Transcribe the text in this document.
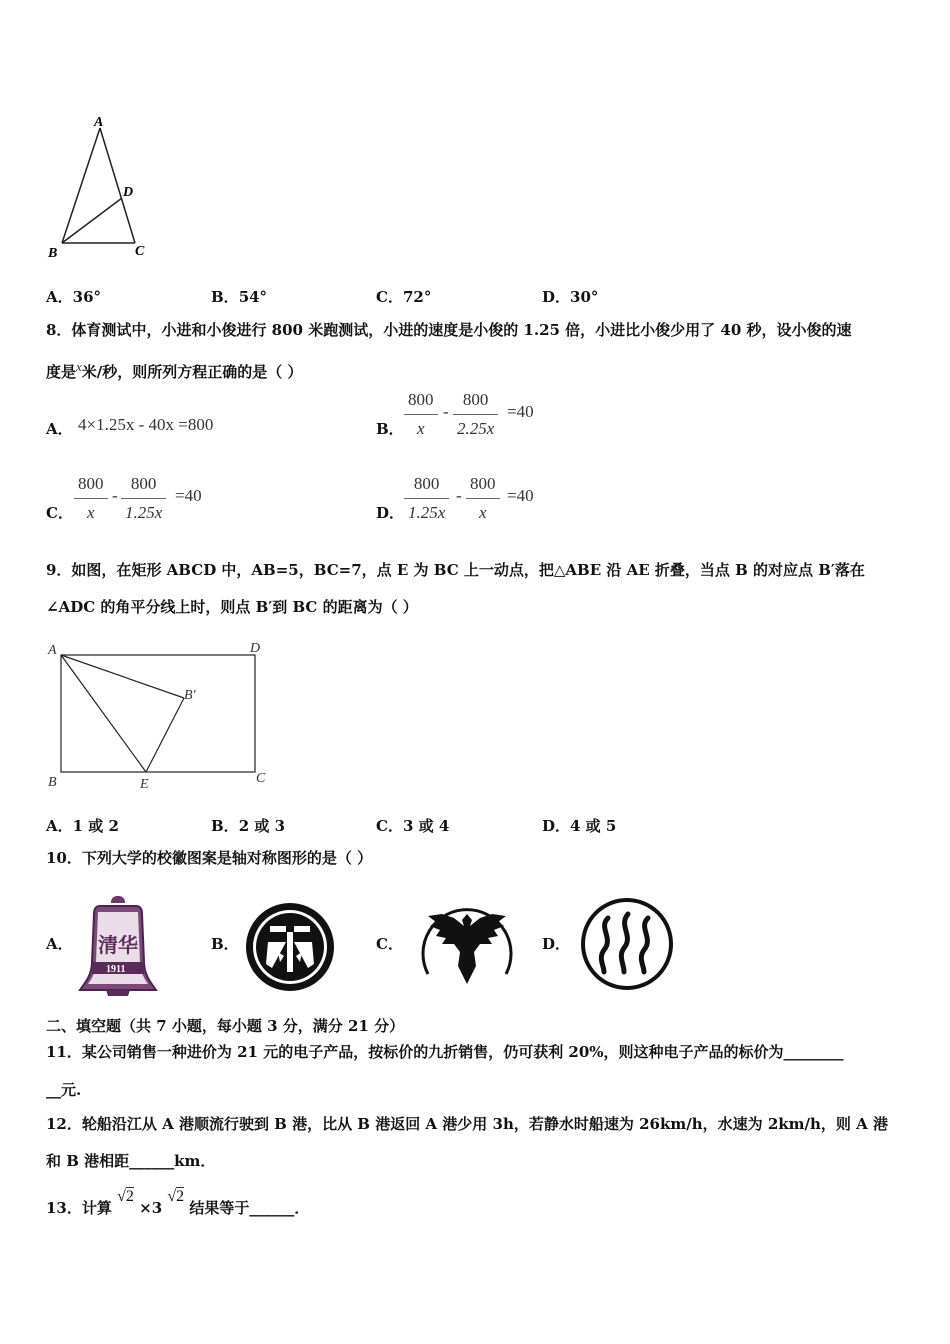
A
D
B	C
A．36°	B．54°	C．72°	D．30°
8．体育测试中，小进和小俊进行 800 米跑测试，小进的速度是小俊的 1.25 倍，小进比小俊少用了 40 秒，设小俊的速
度是$^x$米/秒，则所列方程正确的是（ ）
A． 4×1.25x - 40x =800	B．
800
x
-
800
2.25x
=40
C．
800
x
-
800
1.25x
=40
D．
800
1.25x
-
800
x
=40
9．如图，在矩形 ABCD 中，AB=5，BC=7，点 E 为 BC 上一动点，把△ABE 沿 AE 折叠，当点 B 的对应点 B′落在
∠ADC 的角平分线上时，则点 B′到 BC 的距离为（ ）
A	D
B′
B	E	C
A．1 或 2	B．2 或 3	C．3 或 4	D．4 或 5
10．下列大学的校徽图案是轴对称图形的是（ ）
A． 清华
1911
B．	C．	D．
二、填空题（共 7 小题，每小题 3 分，满分 21 分）
11．某公司销售一种进价为 21 元的电子产品，按标价的九折销售，仍可获利 20%，则这种电子产品的标价为________
__元.
12．轮船沿江从 A 港顺流行驶到 B 港，比从 B 港返回 A 港少用 3h，若静水时船速为 26km/h，水速为 2km/h，则 A 港
和 B 港相距______km．
13．计算 √2 ×3 √2 结果等于______．
